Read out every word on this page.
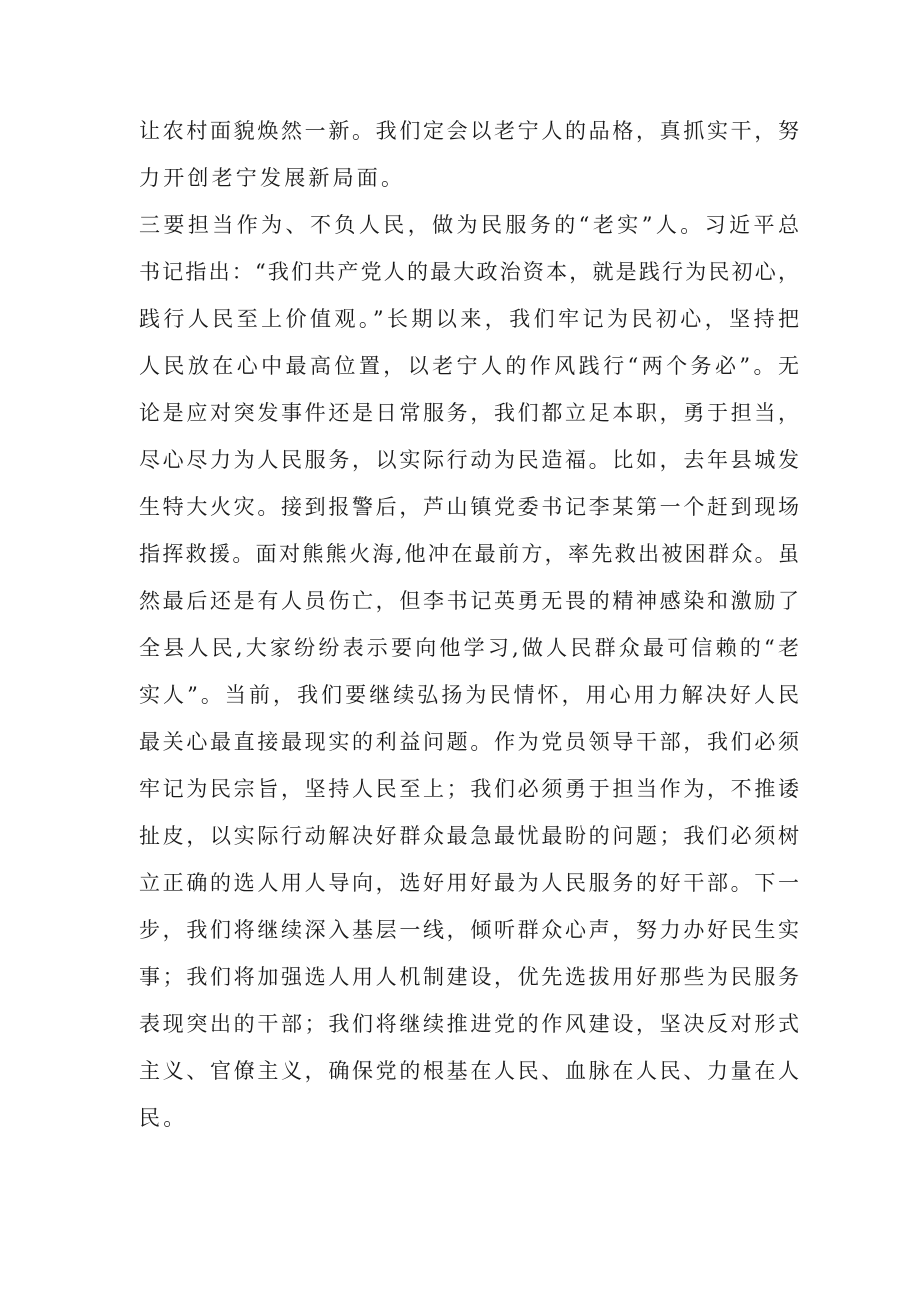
让农村面貌焕然一新。我们定会以老宁人的品格，真抓实干，努
力开创老宁发展新局面。
三要担当作为、不负人民，做为民服务的“老实”人。习近平总
书记指出：“我们共产党人的最大政治资本，就是践行为民初心，
践行人民至上价值观。”长期以来，我们牢记为民初心，坚持把
人民放在心中最高位置，以老宁人的作风践行“两个务必”。无
论是应对突发事件还是日常服务，我们都立足本职，勇于担当，
尽心尽力为人民服务，以实际行动为民造福。比如，去年县城发
生特大火灾。接到报警后，芦山镇党委书记李某第一个赶到现场
指挥救援。面对熊熊火海,他冲在最前方，率先救出被困群众。虽
然最后还是有人员伤亡，但李书记英勇无畏的精神感染和激励了
全县人民,大家纷纷表示要向他学习,做人民群众最可信赖的“老
实人”。当前，我们要继续弘扬为民情怀，用心用力解决好人民
最关心最直接最现实的利益问题。作为党员领导干部，我们必须
牢记为民宗旨，坚持人民至上；我们必须勇于担当作为，不推诿
扯皮，以实际行动解决好群众最急最忧最盼的问题；我们必须树
立正确的选人用人导向，选好用好最为人民服务的好干部。下一
步，我们将继续深入基层一线，倾听群众心声，努力办好民生实
事；我们将加强选人用人机制建设，优先选拔用好那些为民服务
表现突出的干部；我们将继续推进党的作风建设，坚决反对形式
主义、官僚主义，确保党的根基在人民、血脉在人民、力量在人
民。
